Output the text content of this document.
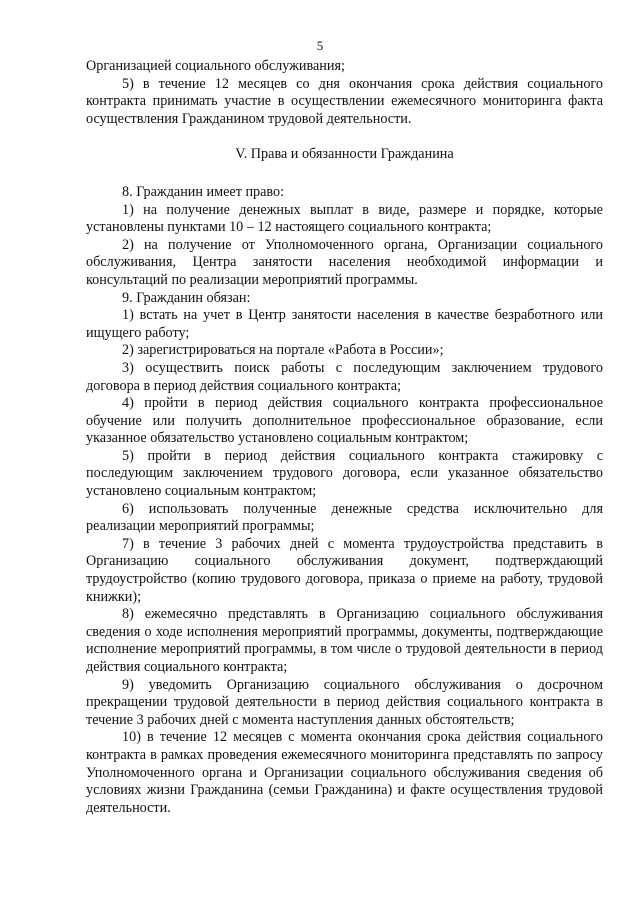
5

Организацией социального обслуживания;

5) в течение 12 месяцев со дня окончания срока действия социального контракта принимать участие в осуществлении ежемесячного мониторинга факта осуществления Гражданином трудовой деятельности.

V. Права и обязанности Гражданина

8. Гражданин имеет право:

1) на получение денежных выплат в виде, размере и порядке, которые установлены пунктами 10 – 12 настоящего социального контракта;

2) на получение от Уполномоченного органа, Организации социального обслуживания, Центра занятости населения необходимой информации и консультаций по реализации мероприятий программы.

9. Гражданин обязан:

1) встать на учет в Центр занятости населения в качестве безработного или ищущего работу;

2) зарегистрироваться на портале «Работа в России»;

3) осуществить поиск работы с последующим заключением трудового договора в период действия социального контракта;

4) пройти в период действия социального контракта профессиональное обучение или получить дополнительное профессиональное образование, если указанное обязательство установлено социальным контрактом;

5) пройти в период действия социального контракта стажировку с последующим заключением трудового договора, если указанное обязательство установлено социальным контрактом;

6) использовать полученные денежные средства исключительно для реализации мероприятий программы;

7) в течение 3 рабочих дней с момента трудоустройства представить в Организацию социального обслуживания документ, подтверждающий трудоустройство (копию трудового договора, приказа о приеме на работу, трудовой книжки);

8) ежемесячно представлять в Организацию социального обслуживания сведения о ходе исполнения мероприятий программы, документы, подтверждающие исполнение мероприятий программы, в том числе о трудовой деятельности в период действия социального контракта;

9) уведомить Организацию социального обслуживания о досрочном прекращении трудовой деятельности в период действия социального контракта в течение 3 рабочих дней с момента наступления данных обстоятельств;

10) в течение 12 месяцев с момента окончания срока действия социального контракта в рамках проведения ежемесячного мониторинга представлять по запросу Уполномоченного органа и Организации социального обслуживания сведения об условиях жизни Гражданина (семьи Гражданина) и факте осуществления трудовой деятельности.
